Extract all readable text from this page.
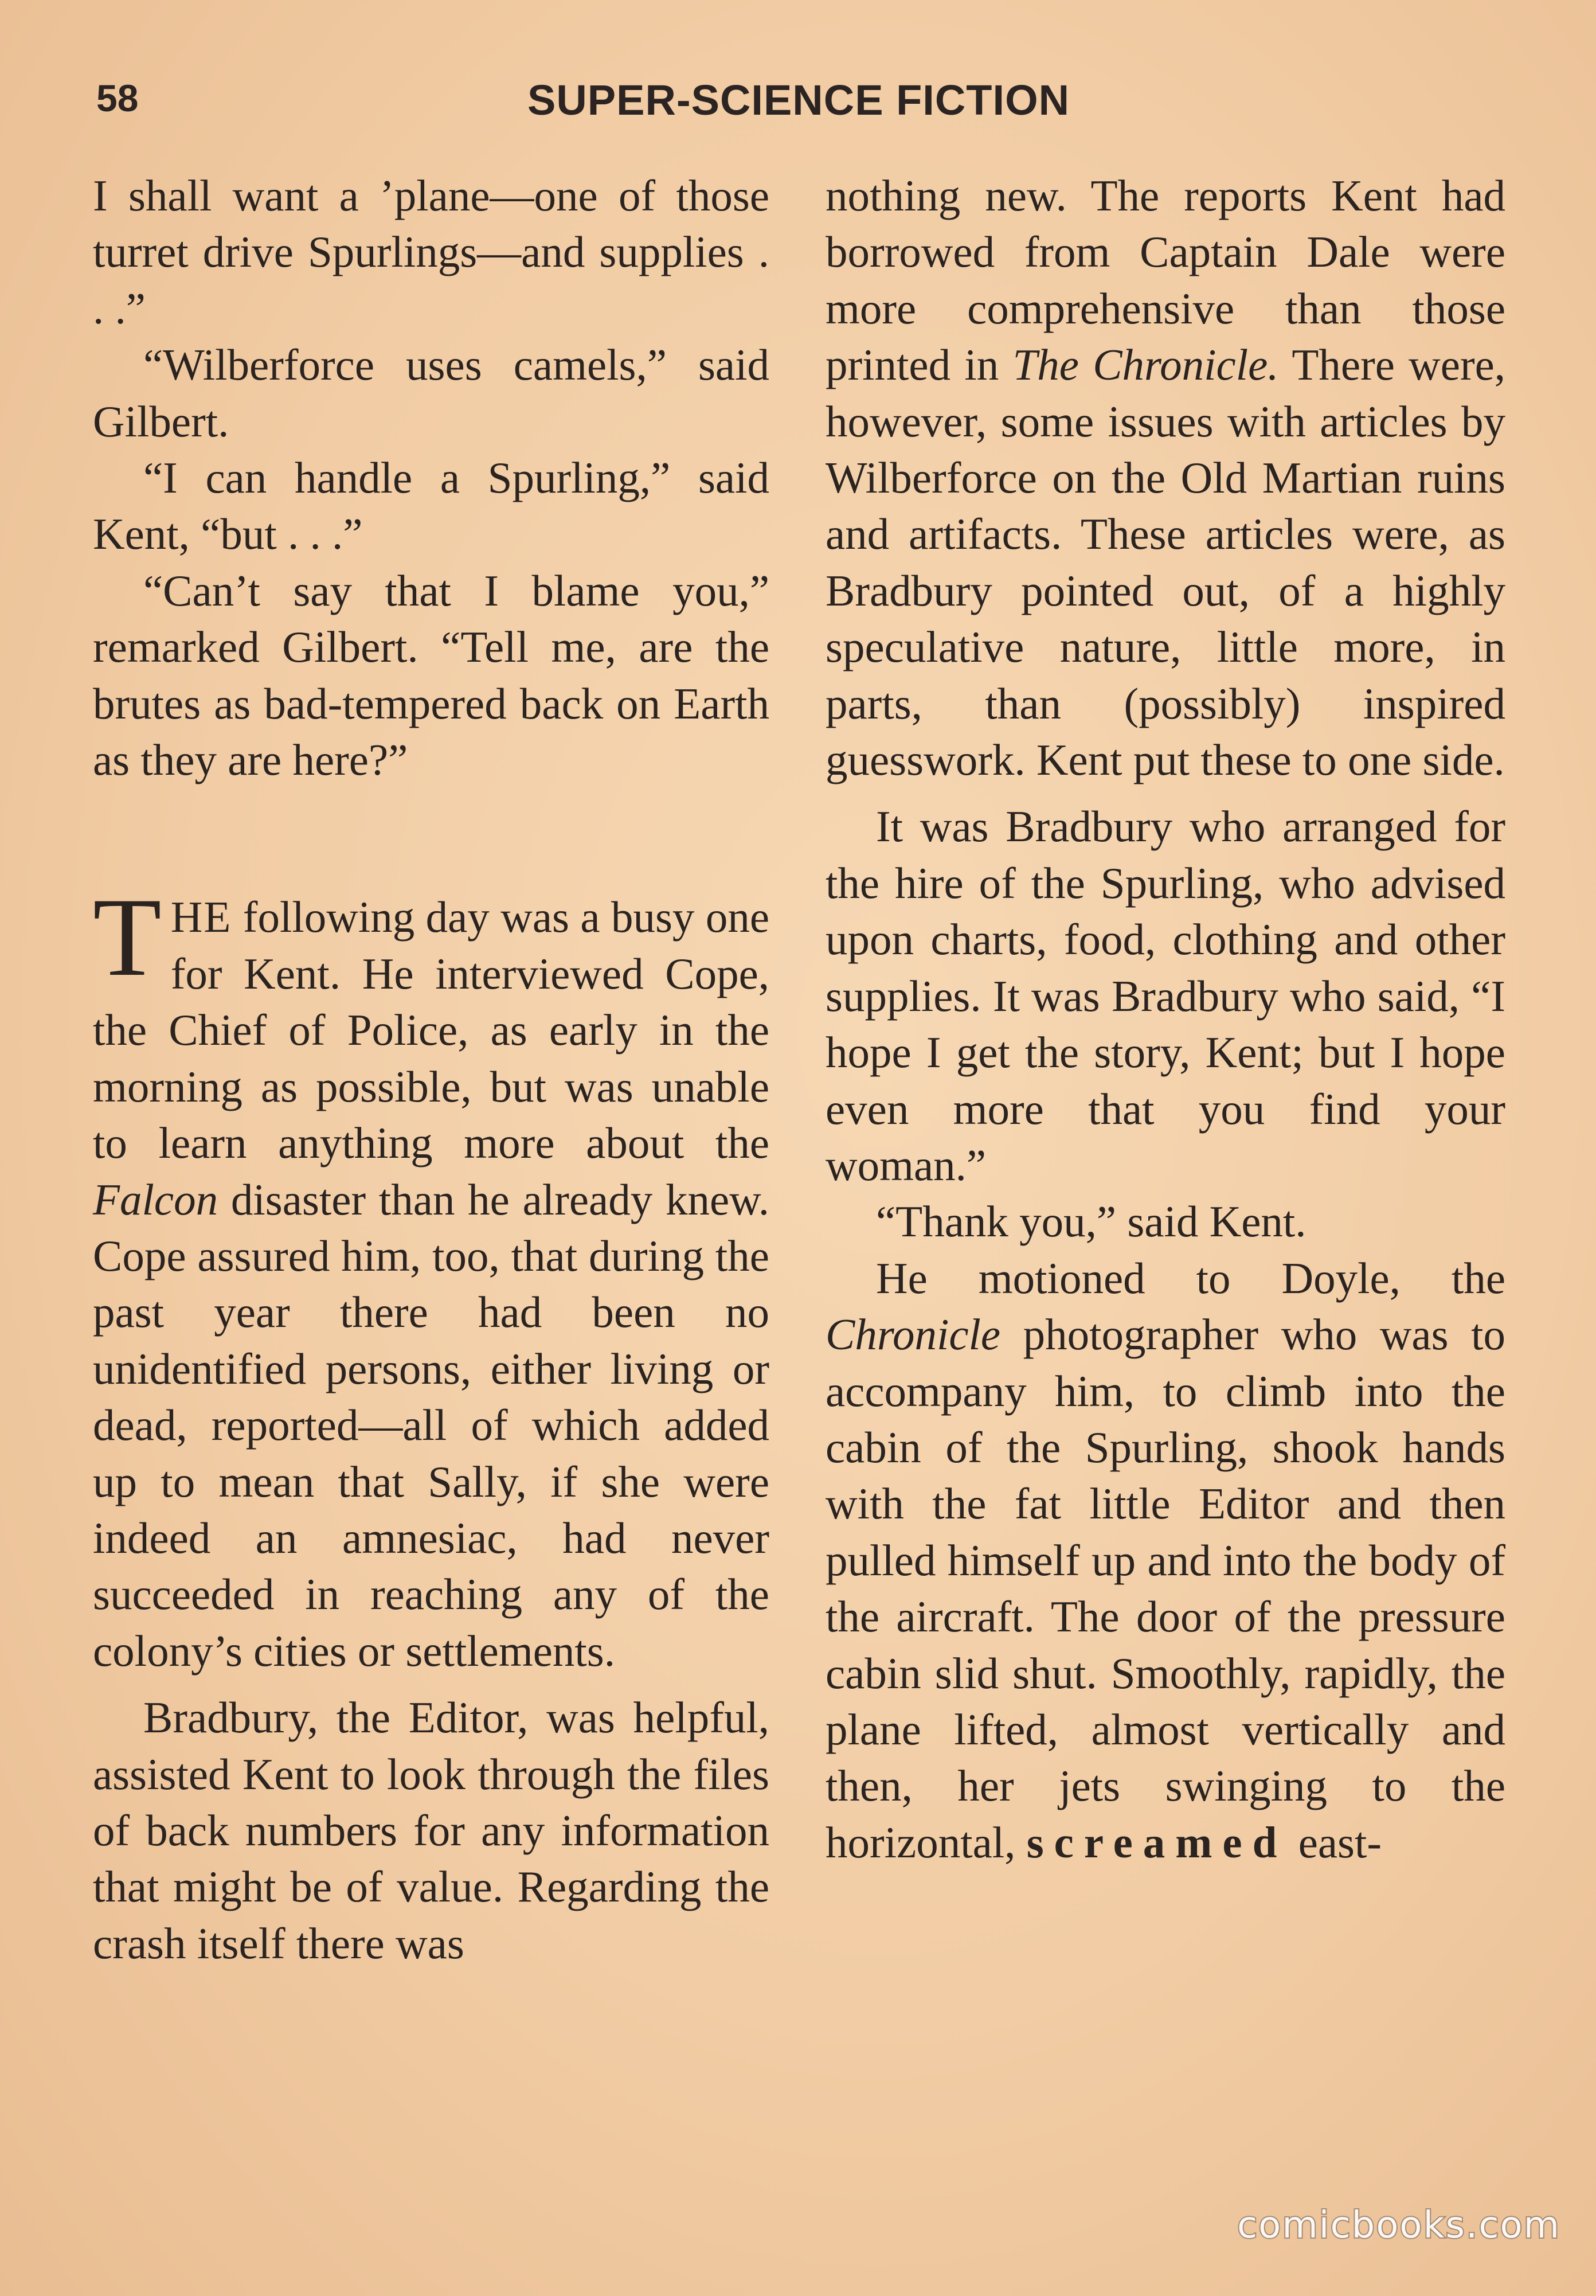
58	SUPER-SCIENCE FICTION

I shall want a ’plane—one of those turret drive Spurlings—and supplies . . .”

“Wilberforce uses camels,” said Gilbert.

“I can handle a Spurling,” said Kent, “but . . .”

“Can’t say that I blame you,” remarked Gilbert. “Tell me, are the brutes as bad-tempered back on Earth as they are here?”

THE following day was a busy one for Kent. He interviewed Cope, the Chief of Police, as early in the morning as possible, but was unable to learn anything more about the Falcon disaster than he already knew. Cope assured him, too, that during the past year there had been no unidentified persons, either living or dead, reported—all of which added up to mean that Sally, if she were indeed an amnesiac, had never succeeded in reaching any of the colony’s cities or settlements.

Bradbury, the Editor, was helpful, assisted Kent to look through the files of back numbers for any information that might be of value. Regarding the crash itself there was

nothing new. The reports Kent had borrowed from Captain Dale were more comprehensive than those printed in The Chronicle. There were, however, some issues with articles by Wilberforce on the Old Martian ruins and artifacts. These articles were, as Bradbury pointed out, of a highly speculative nature, little more, in parts, than (possibly) inspired guesswork. Kent put these to one side.

It was Bradbury who arranged for the hire of the Spurling, who advised upon charts, food, clothing and other supplies. It was Bradbury who said, “I hope I get the story, Kent; but I hope even more that you find your woman.”

“Thank you,” said Kent.

He motioned to Doyle, the Chronicle photographer who was to accompany him, to climb into the cabin of the Spurling, shook hands with the fat little Editor and then pulled himself up and into the body of the aircraft. The door of the pressure cabin slid shut. Smoothly, rapidly, the plane lifted, almost vertically and then, her jets swinging to the horizontal, screamed east-

comicbooks.com
